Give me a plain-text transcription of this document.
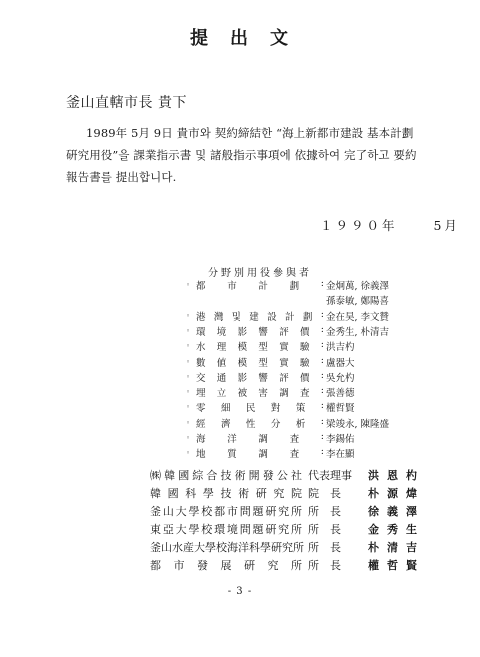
提　出　文
釜山直轄市長 貴下
1989年 5月 9日 貴市와 契約締結한 “海上新都市建設 基本計劃
硏究用役”을 課業指示書 및 諸般指示事項에 依據하여 完了하고 要約
報告書를 提出합니다.
１９９０年	5月
分野別用役參與者
◦ 都 市 計 劃 : 金炯萬, 徐義澤
孫泰敏, 鄭陽喜
◦ 港 灣 및 建 設 計 劃 : 金在昊, 李文贊
◦ 環 境 影 響 評 價 : 金秀生, 朴清吉
◦ 水 理 模 型 實 驗 : 洪吉杓
◦ 數 値 模 型 實 驗 : 盧器大
◦ 交 通 影 響 評 價 : 吳允杓
◦ 埋 立 被 害 調 査 : 張善德
◦ 零 細 民 對 策 : 權哲賢
◦ 經 濟 性 分 析 : 梁竣永, 陳隆盛
◦ 海 洋 調 査 : 李錫佑
◦ 地 質 調 査 : 李在顯
㈱ 韓 國 綜 合 技 術 開 發 公 社 代表理事	洪恩杓
韓 國 科 學 技 術 硏 究 院 院　長	朴源煒
釜 山 大 學 校 都 市 問 題 硏 究 所 所　長	徐義澤
東 亞 大 學 校 環 境 問 題 硏 究 所 所　長	金秀生
釜 山 水 産 大 學 校 海 洋 科 學 硏 究 所 所　長	朴清吉
都 市 發 展 硏 究 所 所　長	權哲賢
- 3 -
